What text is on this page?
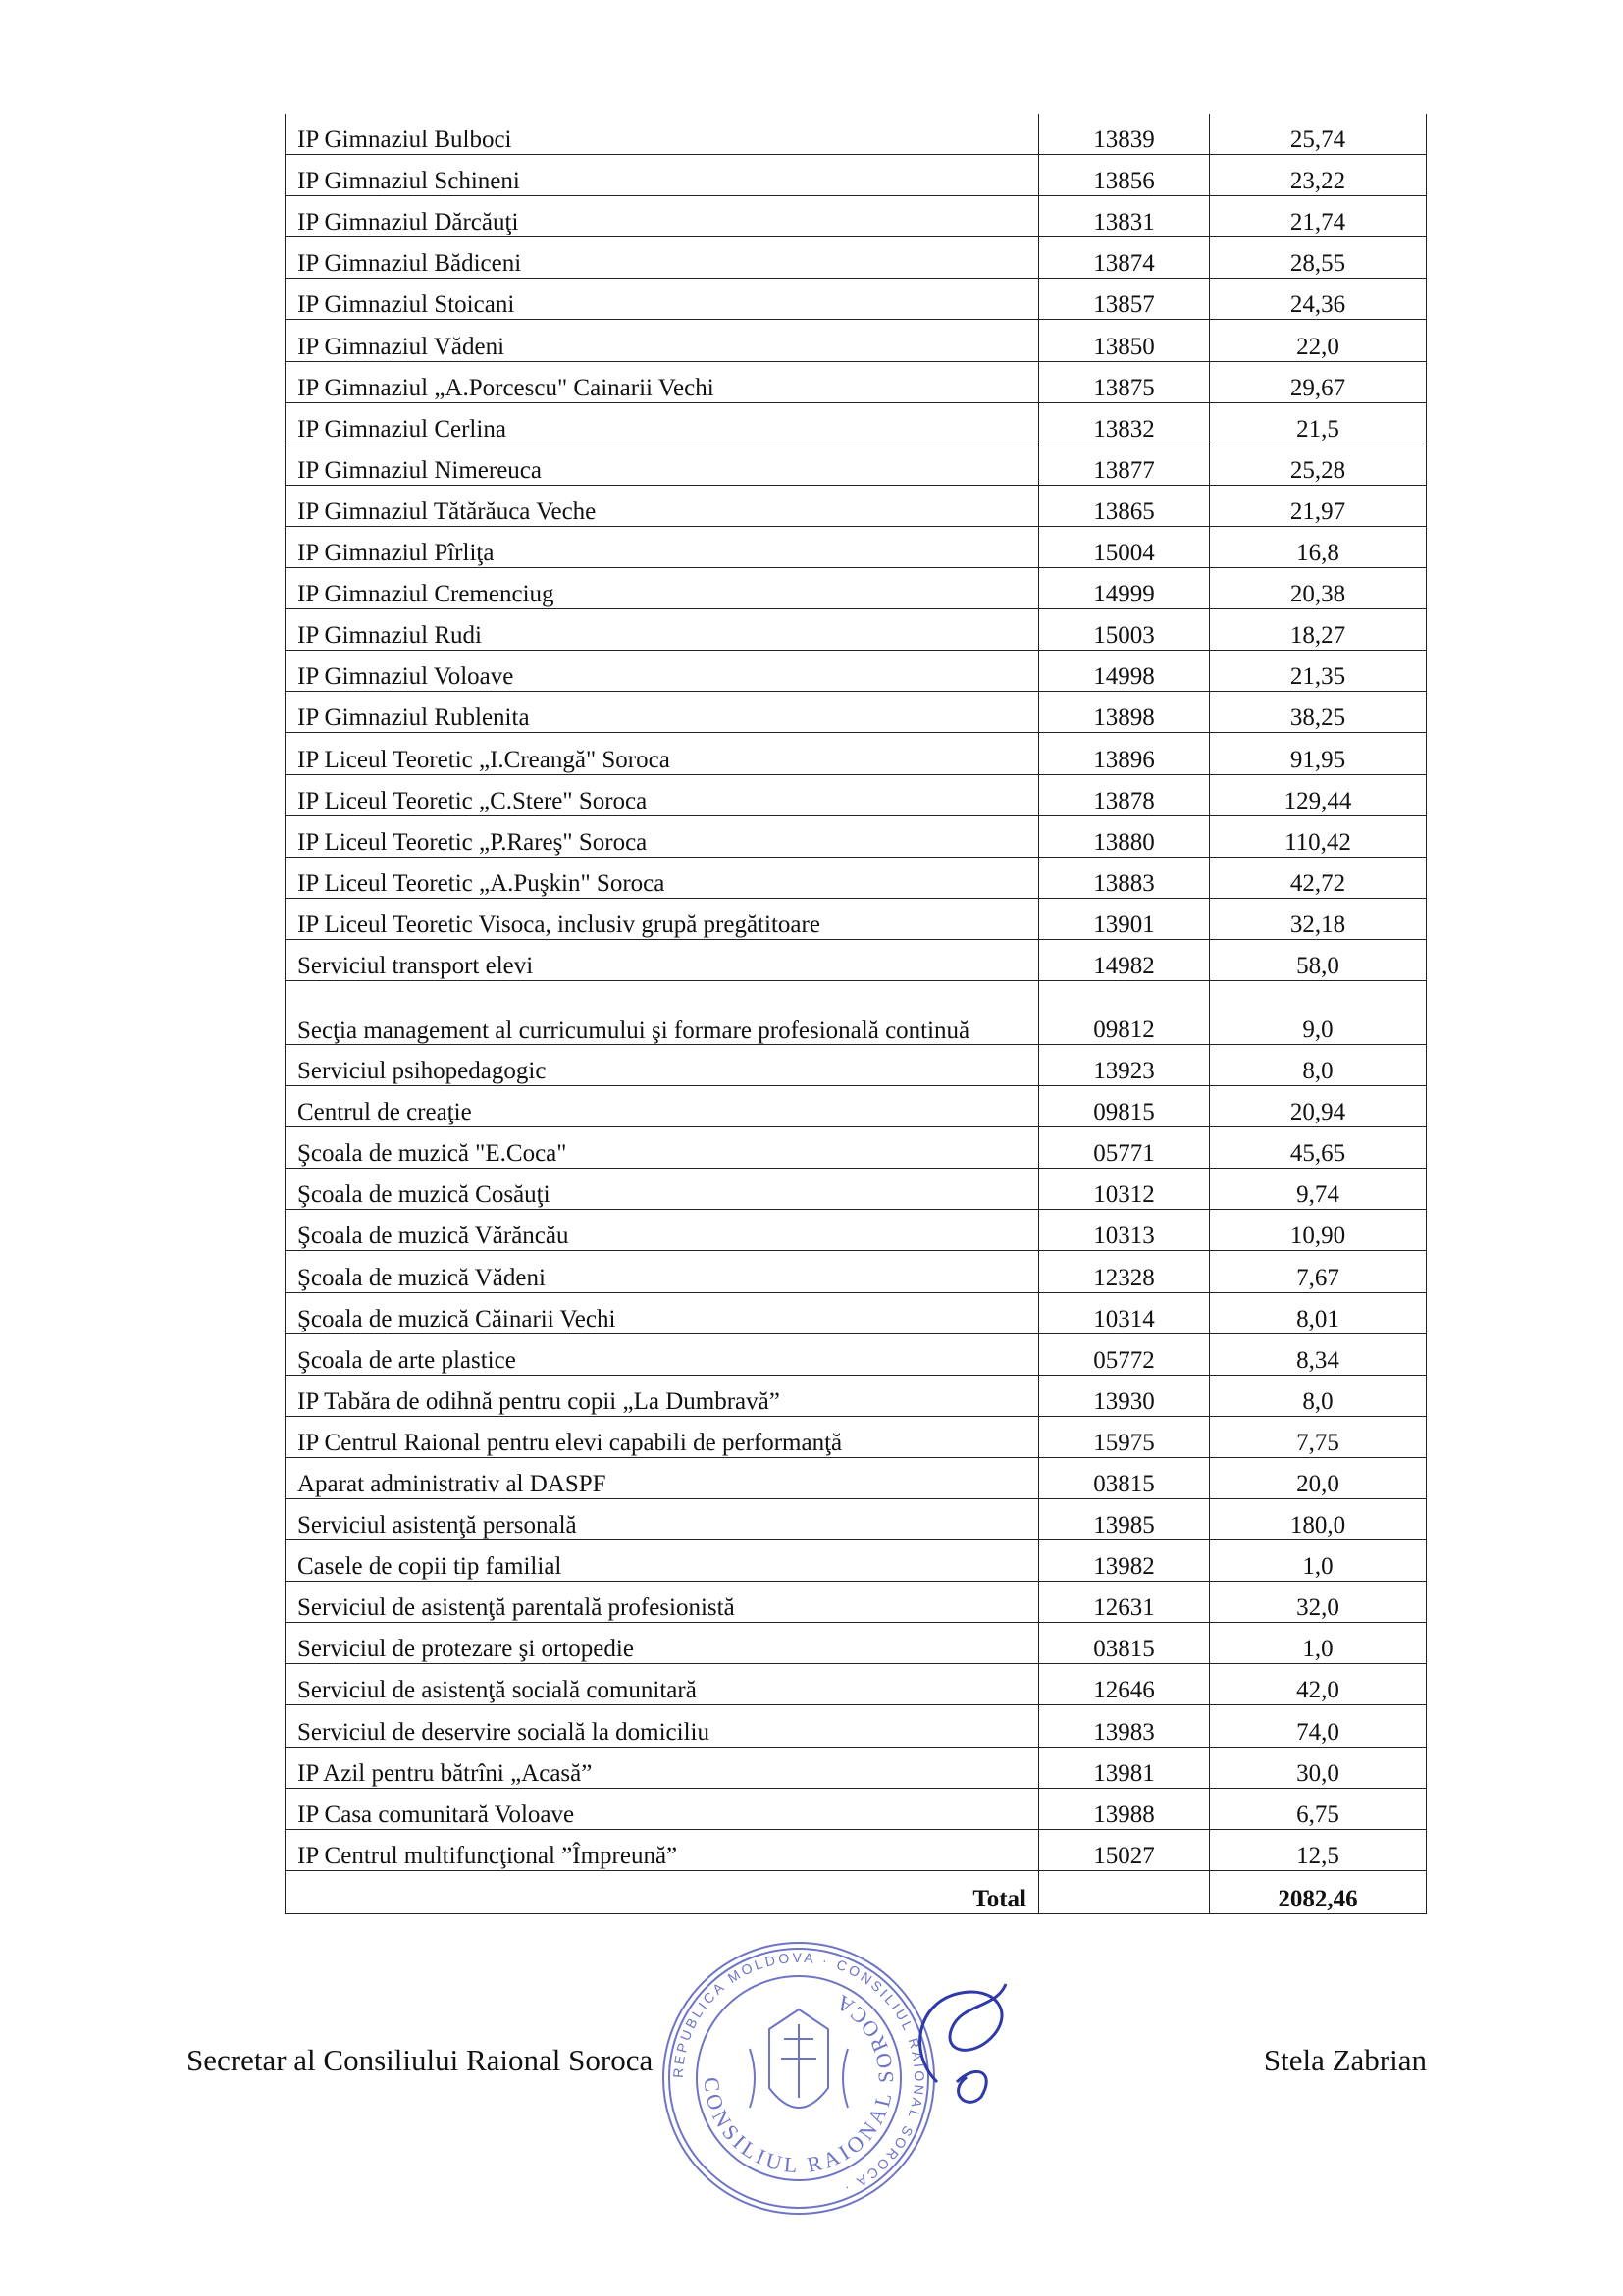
IP Gimnaziul Bulboci	13839	25,74
IP Gimnaziul Schineni	13856	23,22
IP Gimnaziul Dărcăuţi	13831	21,74
IP Gimnaziul Bădiceni	13874	28,55
IP Gimnaziul Stoicani	13857	24,36
IP Gimnaziul Vădeni	13850	22,0
IP Gimnaziul „A.Porcescu" Cainarii Vechi	13875	29,67
IP Gimnaziul Cerlina	13832	21,5
IP Gimnaziul Nimereuca	13877	25,28
IP Gimnaziul Tătărăuca Veche	13865	21,97
IP Gimnaziul Pîrliţa	15004	16,8
IP Gimnaziul Cremenciug	14999	20,38
IP Gimnaziul Rudi	15003	18,27
IP Gimnaziul Voloave	14998	21,35
IP Gimnaziul Rublenita	13898	38,25
IP Liceul Teoretic „I.Creangă" Soroca	13896	91,95
IP Liceul Teoretic „C.Stere" Soroca	13878	129,44
IP Liceul Teoretic „P.Rareş" Soroca	13880	110,42
IP Liceul Teoretic „A.Puşkin" Soroca	13883	42,72
IP Liceul Teoretic Visoca, inclusiv grupă pregătitoare	13901	32,18
Serviciul transport elevi	14982	58,0
Secţia management al curricumului şi formare profesională continuă	09812	9,0
Serviciul psihopedagogic	13923	8,0
Centrul de creaţie	09815	20,94
Şcoala de muzică "E.Coca"	05771	45,65
Şcoala de muzică Cosăuţi	10312	9,74
Şcoala de muzică Vărăncău	10313	10,90
Şcoala de muzică Vădeni	12328	7,67
Şcoala de muzică Căinarii Vechi	10314	8,01
Şcoala de arte plastice	05772	8,34
IP Tabăra de odihnă pentru copii „La Dumbravă”	13930	8,0
IP Centrul Raional pentru elevi capabili de performanţă	15975	7,75
Aparat administrativ al DASPF	03815	20,0
Serviciul asistenţă personală	13985	180,0
Casele de copii tip familial	13982	1,0
Serviciul de asistenţă parentală profesionistă	12631	32,0
Serviciul de protezare şi ortopedie	03815	1,0
Serviciul de asistenţă socială comunitară	12646	42,0
Serviciul de deservire socială la domiciliu	13983	74,0
IP Azil pentru bătrîni „Acasă”	13981	30,0
IP Casa comunitară Voloave	13988	6,75
IP Centrul multifuncţional ”Împreună”	15027	12,5
Total		2082,46
Secretar al Consiliului Raional Soroca	Stela Zabrian
REPUBLICA MOLDOVA · CONSILIUL RAIONAL SOROCA ·
CONSILIUL RAIONAL SOROCA
